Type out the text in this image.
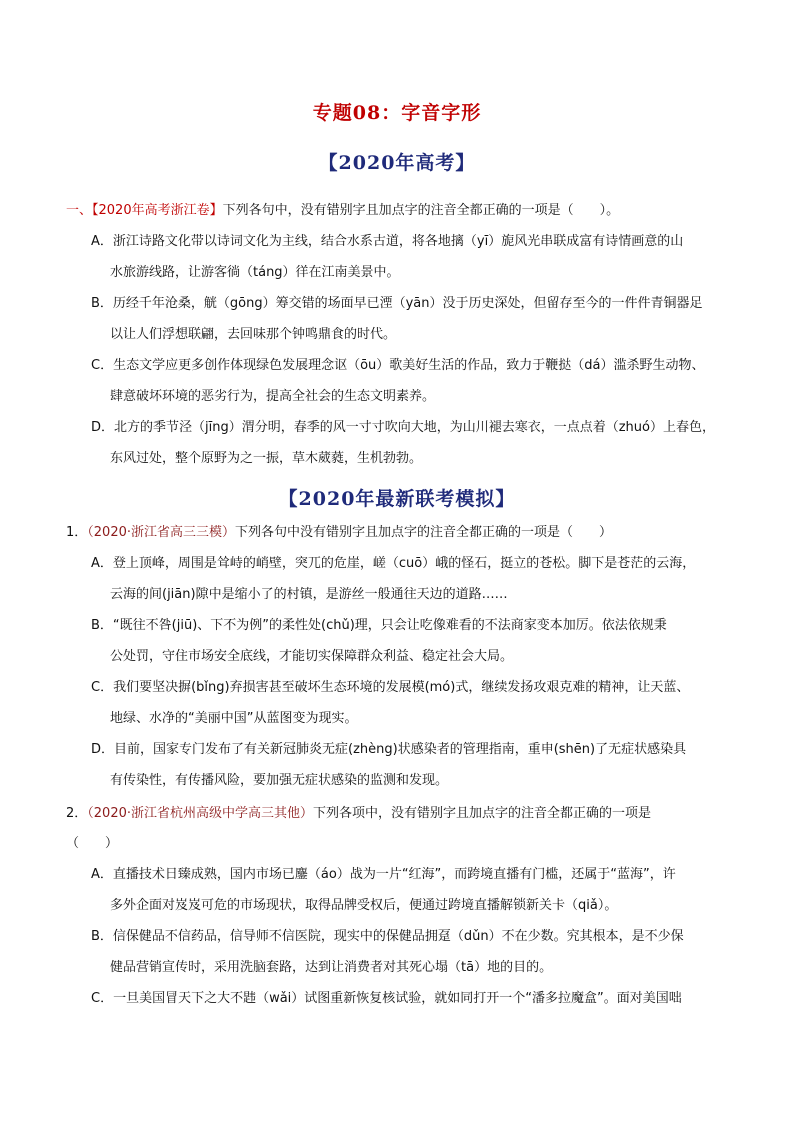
专题08：字音字形
【2020年高考】
一、【2020年高考浙江卷】下列各句中，没有错别字且加点字的注音全都正确的一项是（　　）。
A．浙江诗路文化带以诗词文化为主线，结合水系古道，将各地摛（yī）旎风光串联成富有诗情画意的山
水旅游线路，让游客徜（táng）徉在江南美景中。
B．历经千年沧桑，觥（gōng）筹交错的场面早已湮（yān）没于历史深处，但留存至今的一件件青铜器足
以让人们浮想联翩，去回味那个钟鸣鼎食的时代。
C．生态文学应更多创作体现绿色发展理念讴（ōu）歌美好生活的作品，致力于鞭挞（dá）滥杀野生动物、
肆意破坏环境的恶劣行为，提高全社会的生态文明素养。
D．北方的季节泾（jīng）渭分明，春季的风一寸寸吹向大地，为山川褪去寒衣，一点点着（zhuó）上春色，
东风过处，整个原野为之一振，草木葳蕤，生机勃勃。
【2020年最新联考模拟】
1．（2020·浙江省高三三模）下列各句中没有错别字且加点字的注音全都正确的一项是（　　）
A．登上顶峰，周围是耸峙的峭壁，突兀的危崖，嵯（cuō）峨的怪石，挺立的苍松。脚下是苍茫的云海，
云海的间(jiān)隙中是缩小了的村镇，是游丝一般通往天边的道路……
B．“既往不咎(jiū)、下不为例”的柔性处(chǔ)理，只会让吃像难看的不法商家变本加厉。依法依规秉
公处罚，守住市场安全底线，才能切实保障群众利益、稳定社会大局。
C．我们要坚决摒(bǐng)弃损害甚至破坏生态环境的发展模(mó)式，继续发扬攻艰克难的精神，让天蓝、
地绿、水净的“美丽中国”从蓝图变为现实。
D．目前，国家专门发布了有关新冠肺炎无症(zhèng)状感染者的管理指南，重申(shēn)了无症状感染具
有传染性，有传播风险，要加强无症状感染的监测和发现。
2．（2020·浙江省杭州高级中学高三其他）下列各项中，没有错别字且加点字的注音全都正确的一项是
（　　）
A．直播技术日臻成熟，国内市场已鏖（áo）战为一片“红海”，而跨境直播有门槛，还属于“蓝海”，许
多外企面对岌岌可危的市场现状，取得品牌受权后，便通过跨境直播解锁新关卡（qiǎ）。
B．信保健品不信药品，信导师不信医院，现实中的保健品拥趸（dǔn）不在少数。究其根本，是不少保
健品营销宣传时，采用洗脑套路，达到让消费者对其死心塌（tā）地的目的。
C．一旦美国冒天下之大不韪（wǎi）试图重新恢复核试验，就如同打开一个“潘多拉魔盒”。面对美国咄
